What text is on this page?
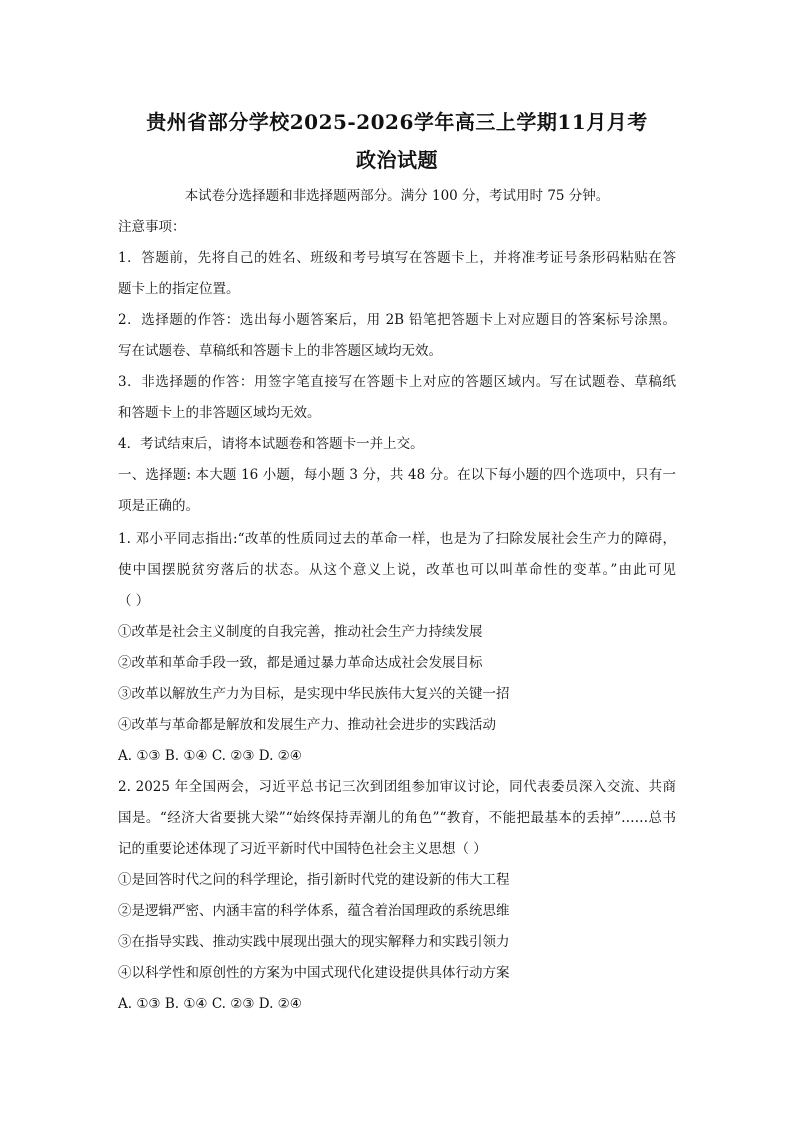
贵州省部分学校2025-2026学年高三上学期11月月考
政治试题
本试卷分选择题和非选择题两部分。满分 100 分，考试用时 75 分钟。
注意事项：
1．答题前，先将自己的姓名、班级和考号填写在答题卡上，并将准考证号条形码粘贴在答
题卡上的指定位置。
2．选择题的作答：选出每小题答案后，用 2B 铅笔把答题卡上对应题目的答案标号涂黑。
写在试题卷、草稿纸和答题卡上的非答题区域均无效。
3．非选择题的作答：用签字笔直接写在答题卡上对应的答题区域内。写在试题卷、草稿纸
和答题卡上的非答题区域均无效。
4．考试结束后，请将本试题卷和答题卡一并上交。
一、选择题: 本大题 16 小题，每小题 3 分，共 48 分。在以下每小题的四个选项中，只有一
项是正确的。
1. 邓小平同志指出:“改革的性质同过去的革命一样，也是为了扫除发展社会生产力的障碍，
使中国摆脱贫穷落后的状态。从这个意义上说，改革也可以叫革命性的变革。”由此可见
（ ）
①改革是社会主义制度的自我完善，推动社会生产力持续发展
②改革和革命手段一致，都是通过暴力革命达成社会发展目标
③改革以解放生产力为目标，是实现中华民族伟大复兴的关键一招
④改革与革命都是解放和发展生产力、推动社会进步的实践活动
A. ①③ B. ①④ C. ②③ D. ②④
2. 2025 年全国两会，习近平总书记三次到团组参加审议讨论，同代表委员深入交流、共商
国是。“经济大省要挑大梁”“始终保持弄潮儿的角色”“教育，不能把最基本的丢掉”……总书
记的重要论述体现了习近平新时代中国特色社会主义思想（ ）
①是回答时代之问的科学理论，指引新时代党的建设新的伟大工程
②是逻辑严密、内涵丰富的科学体系，蕴含着治国理政的系统思维
③在指导实践、推动实践中展现出强大的现实解释力和实践引领力
④以科学性和原创性的方案为中国式现代化建设提供具体行动方案
A. ①③ B. ①④ C. ②③ D. ②④
